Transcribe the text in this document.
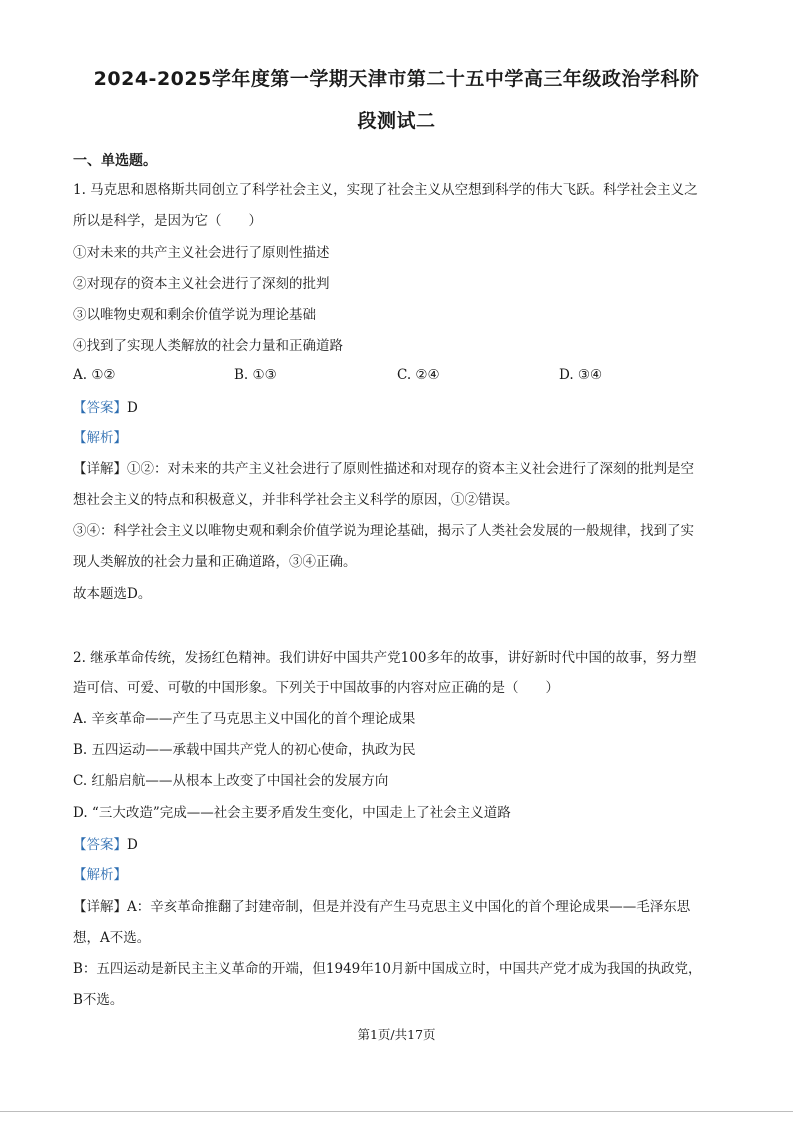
2024-2025学年度第一学期天津市第二十五中学高三年级政治学科阶
段测试二
一、单选题。
1. 马克思和恩格斯共同创立了科学社会主义，实现了社会主义从空想到科学的伟大飞跃。科学社会主义之
所以是科学，是因为它（　　）
①对未来的共产主义社会进行了原则性描述
②对现存的资本主义社会进行了深刻的批判
③以唯物史观和剩余价值学说为理论基础
④找到了实现人类解放的社会力量和正确道路
A. ①②	B. ①③	C. ②④	D. ③④
【答案】D
【解析】
【详解】①②：对未来的共产主义社会进行了原则性描述和对现存的资本主义社会进行了深刻的批判是空
想社会主义的特点和积极意义，并非科学社会主义科学的原因，①②错误。
③④：科学社会主义以唯物史观和剩余价值学说为理论基础，揭示了人类社会发展的一般规律，找到了实
现人类解放的社会力量和正确道路，③④正确。
故本题选D。
2. 继承革命传统，发扬红色精神。我们讲好中国共产党100多年的故事，讲好新时代中国的故事，努力塑
造可信、可爱、可敬的中国形象。下列关于中国故事的内容对应正确的是（　　）
A. 辛亥革命——产生了马克思主义中国化的首个理论成果
B. 五四运动——承载中国共产党人的初心使命，执政为民
C. 红船启航——从根本上改变了中国社会的发展方向
D. “三大改造”完成——社会主要矛盾发生变化，中国走上了社会主义道路
【答案】D
【解析】
【详解】A：辛亥革命推翻了封建帝制，但是并没有产生马克思主义中国化的首个理论成果——毛泽东思
想，A不选。
B：五四运动是新民主主义革命的开端，但1949年10月新中国成立时，中国共产党才成为我国的执政党，
B不选。
第1页/共17页
